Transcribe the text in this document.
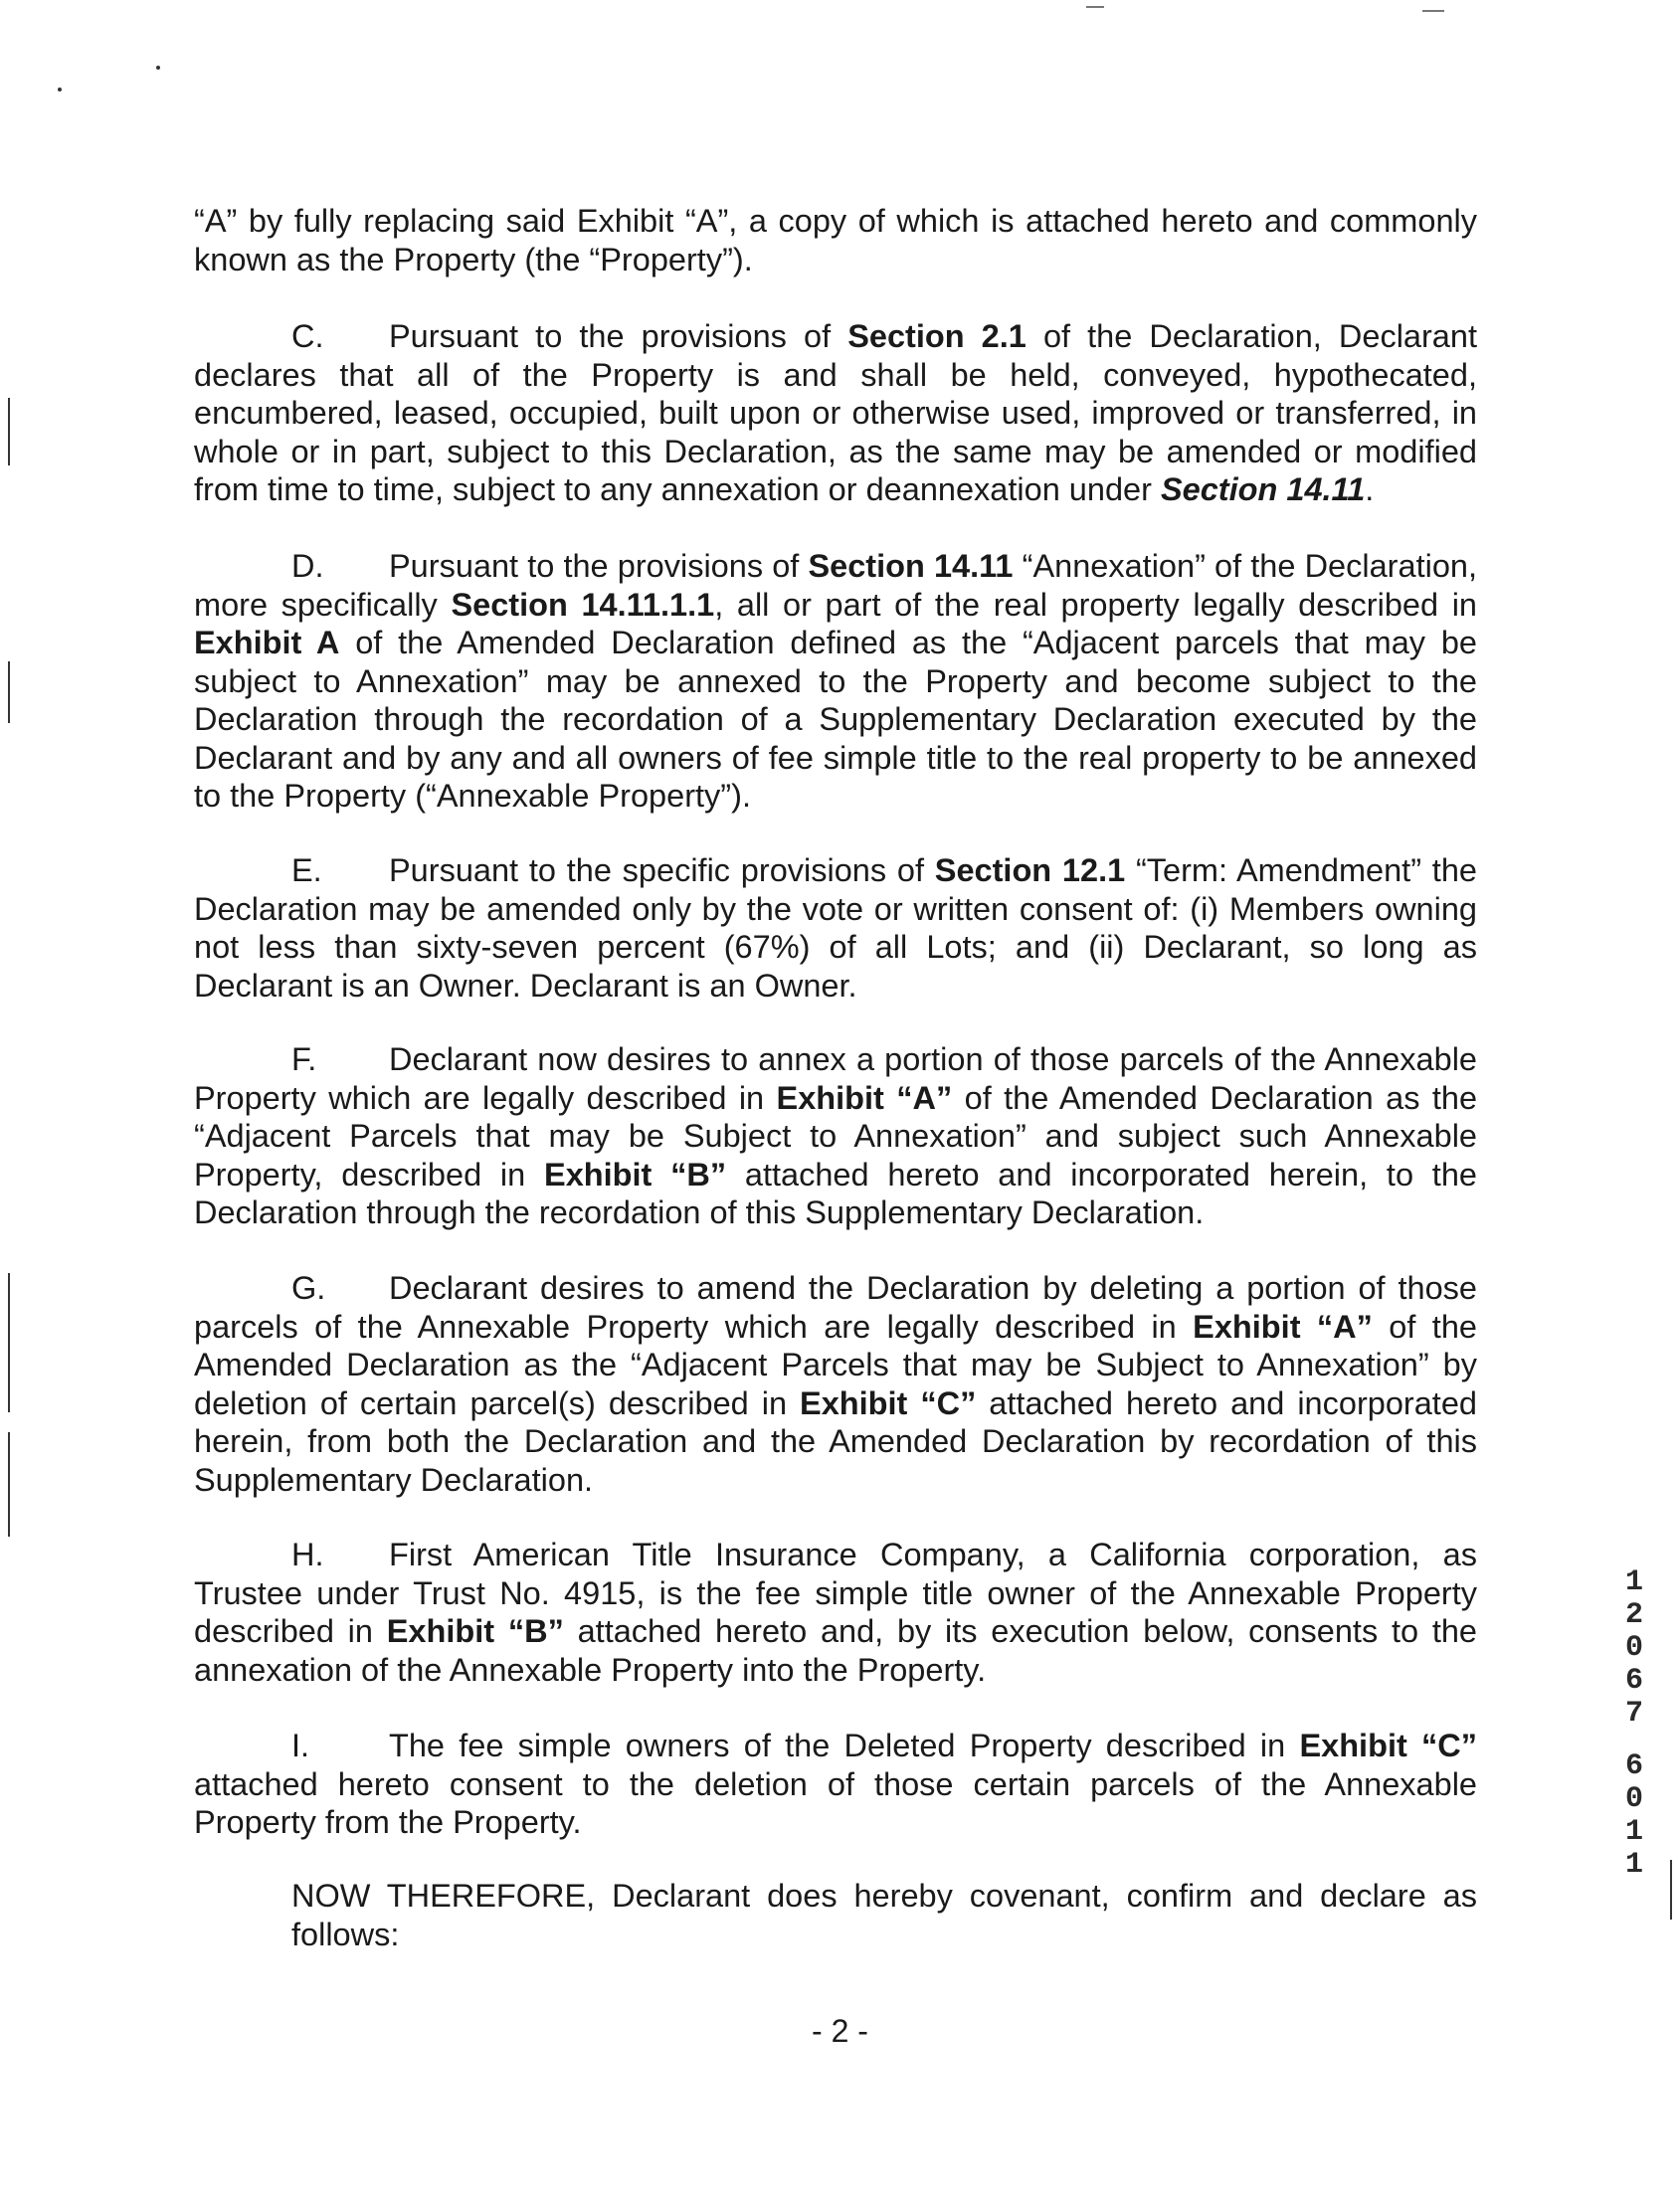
“A” by fully replacing said Exhibit “A”, a copy of which is attached hereto and commonly known as the Property (the “Property”).

C. Pursuant to the provisions of Section 2.1 of the Declaration, Declarant declares that all of the Property is and shall be held, conveyed, hypothecated, encumbered, leased, occupied, built upon or otherwise used, improved or transferred, in whole or in part, subject to this Declaration, as the same may be amended or modified from time to time, subject to any annexation or deannexation under Section 14.11.

D. Pursuant to the provisions of Section 14.11 “Annexation” of the Declaration, more specifically Section 14.11.1.1, all or part of the real property legally described in Exhibit A of the Amended Declaration defined as the “Adjacent parcels that may be subject to Annexation” may be annexed to the Property and become subject to the Declaration through the recordation of a Supplementary Declaration executed by the Declarant and by any and all owners of fee simple title to the real property to be annexed to the Property (“Annexable Property”).

E. Pursuant to the specific provisions of Section 12.1 “Term: Amendment” the Declaration may be amended only by the vote or written consent of: (i) Members owning not less than sixty-seven percent (67%) of all Lots; and (ii) Declarant, so long as Declarant is an Owner. Declarant is an Owner.

F. Declarant now desires to annex a portion of those parcels of the Annexable Property which are legally described in Exhibit “A” of the Amended Declaration as the “Adjacent Parcels that may be Subject to Annexation” and subject such Annexable Property, described in Exhibit “B” attached hereto and incorporated herein, to the Declaration through the recordation of this Supplementary Declaration.

G. Declarant desires to amend the Declaration by deleting a portion of those parcels of the Annexable Property which are legally described in Exhibit “A” of the Amended Declaration as the “Adjacent Parcels that may be Subject to Annexation” by deletion of certain parcel(s) described in Exhibit “C” attached hereto and incorporated herein, from both the Declaration and the Amended Declaration by recordation of this Supplementary Declaration.

H. First American Title Insurance Company, a California corporation, as Trustee under Trust No. 4915, is the fee simple title owner of the Annexable Property described in Exhibit “B” attached hereto and, by its execution below, consents to the annexation of the Annexable Property into the Property.

I. The fee simple owners of the Deleted Property described in Exhibit “C” attached hereto consent to the deletion of those certain parcels of the Annexable Property from the Property.

NOW THEREFORE, Declarant does hereby covenant, confirm and declare as follows:

- 2 -
1
2
0
6
7
6
0
1
1
